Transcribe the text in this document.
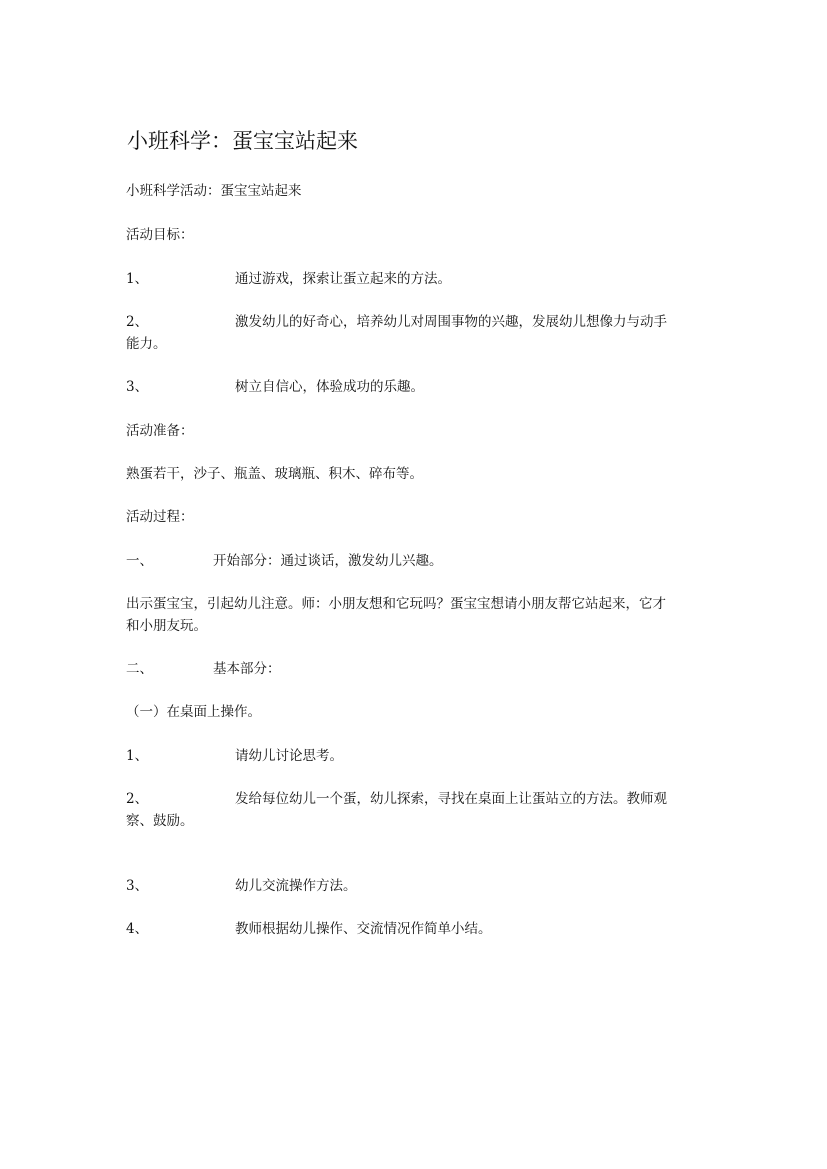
小班科学：蛋宝宝站起来
小班科学活动：蛋宝宝站起来
活动目标：
1、	通过游戏，探索让蛋立起来的方法。
2、	激发幼儿的好奇心，培养幼儿对周围事物的兴趣，发展幼儿想像力与动手
能力。
3、	树立自信心，体验成功的乐趣。
活动准备：
熟蛋若干，沙子、瓶盖、玻璃瓶、积木、碎布等。
活动过程：
一、	开始部分：通过谈话，激发幼儿兴趣。
出示蛋宝宝，引起幼儿注意。师：小朋友想和它玩吗？蛋宝宝想请小朋友帮它站起来，它才
和小朋友玩。
二、	基本部分：
（一）在桌面上操作。
1、	请幼儿讨论思考。
2、	发给每位幼儿一个蛋，幼儿探索，寻找在桌面上让蛋站立的方法。教师观
察、鼓励。
3、	幼儿交流操作方法。
4、	教师根据幼儿操作、交流情况作简单小结。
